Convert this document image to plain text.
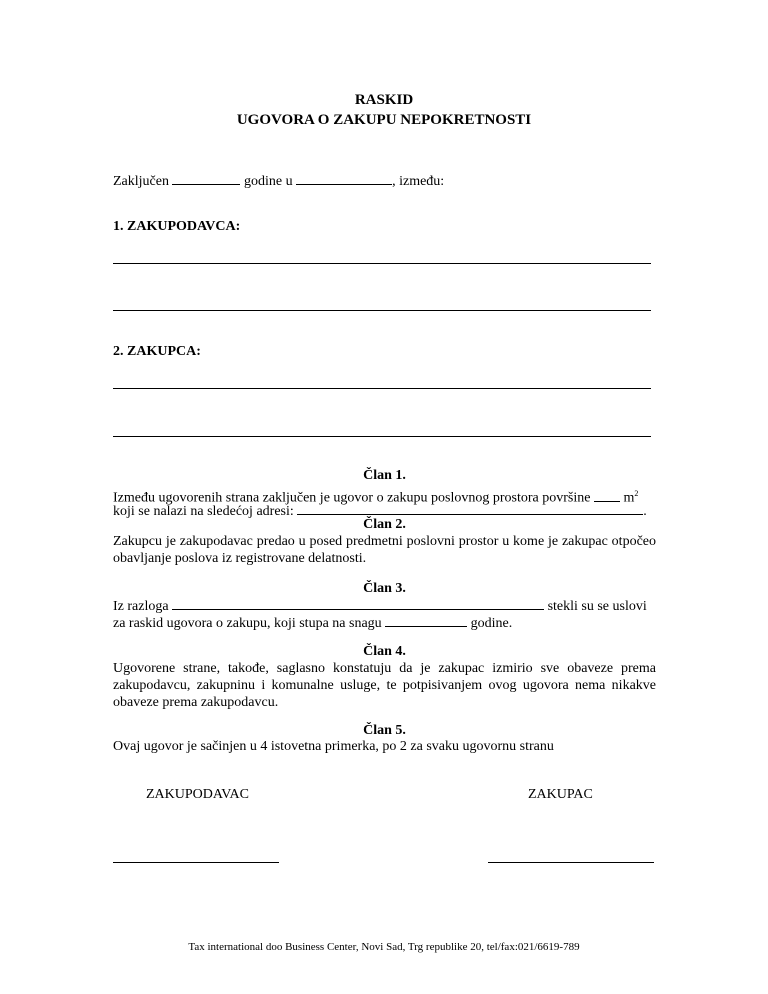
RASKID
UGOVORA O ZAKUPU NEPOKRETNOSTI
Zaključen	godine u	, između:
1. ZAKUPODAVCA:
2. ZAKUPCA:
Član 1.
Između ugovorenih strana zaključen je ugovor o zakupu poslovnog prostora površine $m^2$
koji se nalazi na sledećoj adresi:	.
Član 2.
Zakupcu je zakupodavac predao u posed predmetni poslovni prostor u kome je zakupac otpočeo obavljanje poslova iz registrovane delatnosti.
Član 3.
Iz razloga	stekli su se uslovi
za raskid ugovora o zakupu, koji stupa na snagu	godine.
Član 4.
Ugovorene strane, takođe, saglasno konstatuju da je zakupac izmirio sve obaveze prema zakupodavcu, zakupninu i komunalne usluge, te potpisivanjem ovog ugovora nema nikakve obaveze prema zakupodavcu.
Član 5.
Ovaj ugovor je sačinjen u 4 istovetna primerka, po 2 za svaku ugovornu stranu
ZAKUPODAVAC	ZAKUPAC
Tax international doo Business Center, Novi Sad, Trg republike 20, tel/fax:021/6619-789
